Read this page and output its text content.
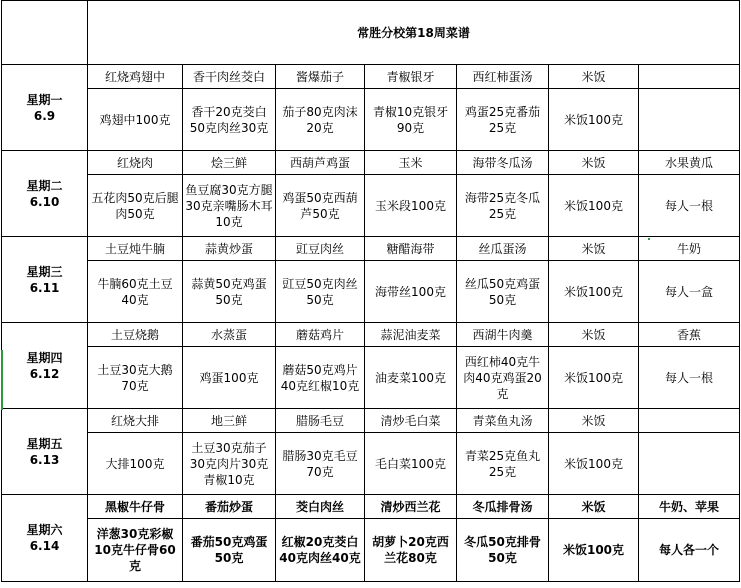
	常胜分校第18周菜谱						

星期一
6.9	红烧鸡翅中	香干肉丝茭白	酱爆茄子	青椒银牙	西红柿蛋汤	米饭	
	鸡翅中100克	香干20克茭白50克肉丝30克	茄子80克肉沫20克	青椒10克银牙90克	鸡蛋25克番茄25克	米饭100克	

星期二
6.10	红烧肉	烩三鲜	西葫芦鸡蛋	玉米	海带冬瓜汤	米饭	水果黄瓜
	五花肉50克后腿肉50克	鱼豆腐30克方腿30克亲嘴肠木耳10克	鸡蛋50克西葫芦50克	玉米段100克	海带25克冬瓜25克	米饭100克	每人一根

星期三
6.11	土豆炖牛腩	蒜黄炒蛋	豇豆肉丝	糖醋海带	丝瓜蛋汤	米饭	牛奶
	牛腩60克土豆40克	蒜黄50克鸡蛋50克	豇豆50克肉丝50克	海带丝100克	丝瓜50克鸡蛋50克	米饭100克	每人一盒

星期四
6.12	土豆烧鹅	水蒸蛋	蘑菇鸡片	蒜泥油麦菜	西湖牛肉羹	米饭	香蕉
	土豆30克大鹅70克	鸡蛋100克	蘑菇50克鸡片40克红椒10克	油麦菜100克	西红柿40克牛肉40克鸡蛋20克	米饭100克	每人一根

星期五
6.13	红烧大排	地三鲜	腊肠毛豆	清炒毛白菜	青菜鱼丸汤	米饭	
	大排100克	土豆30克茄子30克肉片30克青椒10克	腊肠30克毛豆70克	毛白菜100克	青菜25克鱼丸25克	米饭100克	

星期六
6.14	黑椒牛仔骨	番茄炒蛋	茭白肉丝	清炒西兰花	冬瓜排骨汤	米饭	牛奶、苹果
	洋葱30克彩椒10克牛仔骨60克	番茄50克鸡蛋50克	红椒20克茭白40克肉丝40克	胡萝卜20克西兰花80克	冬瓜50克排骨50克	米饭100克	每人各一个
